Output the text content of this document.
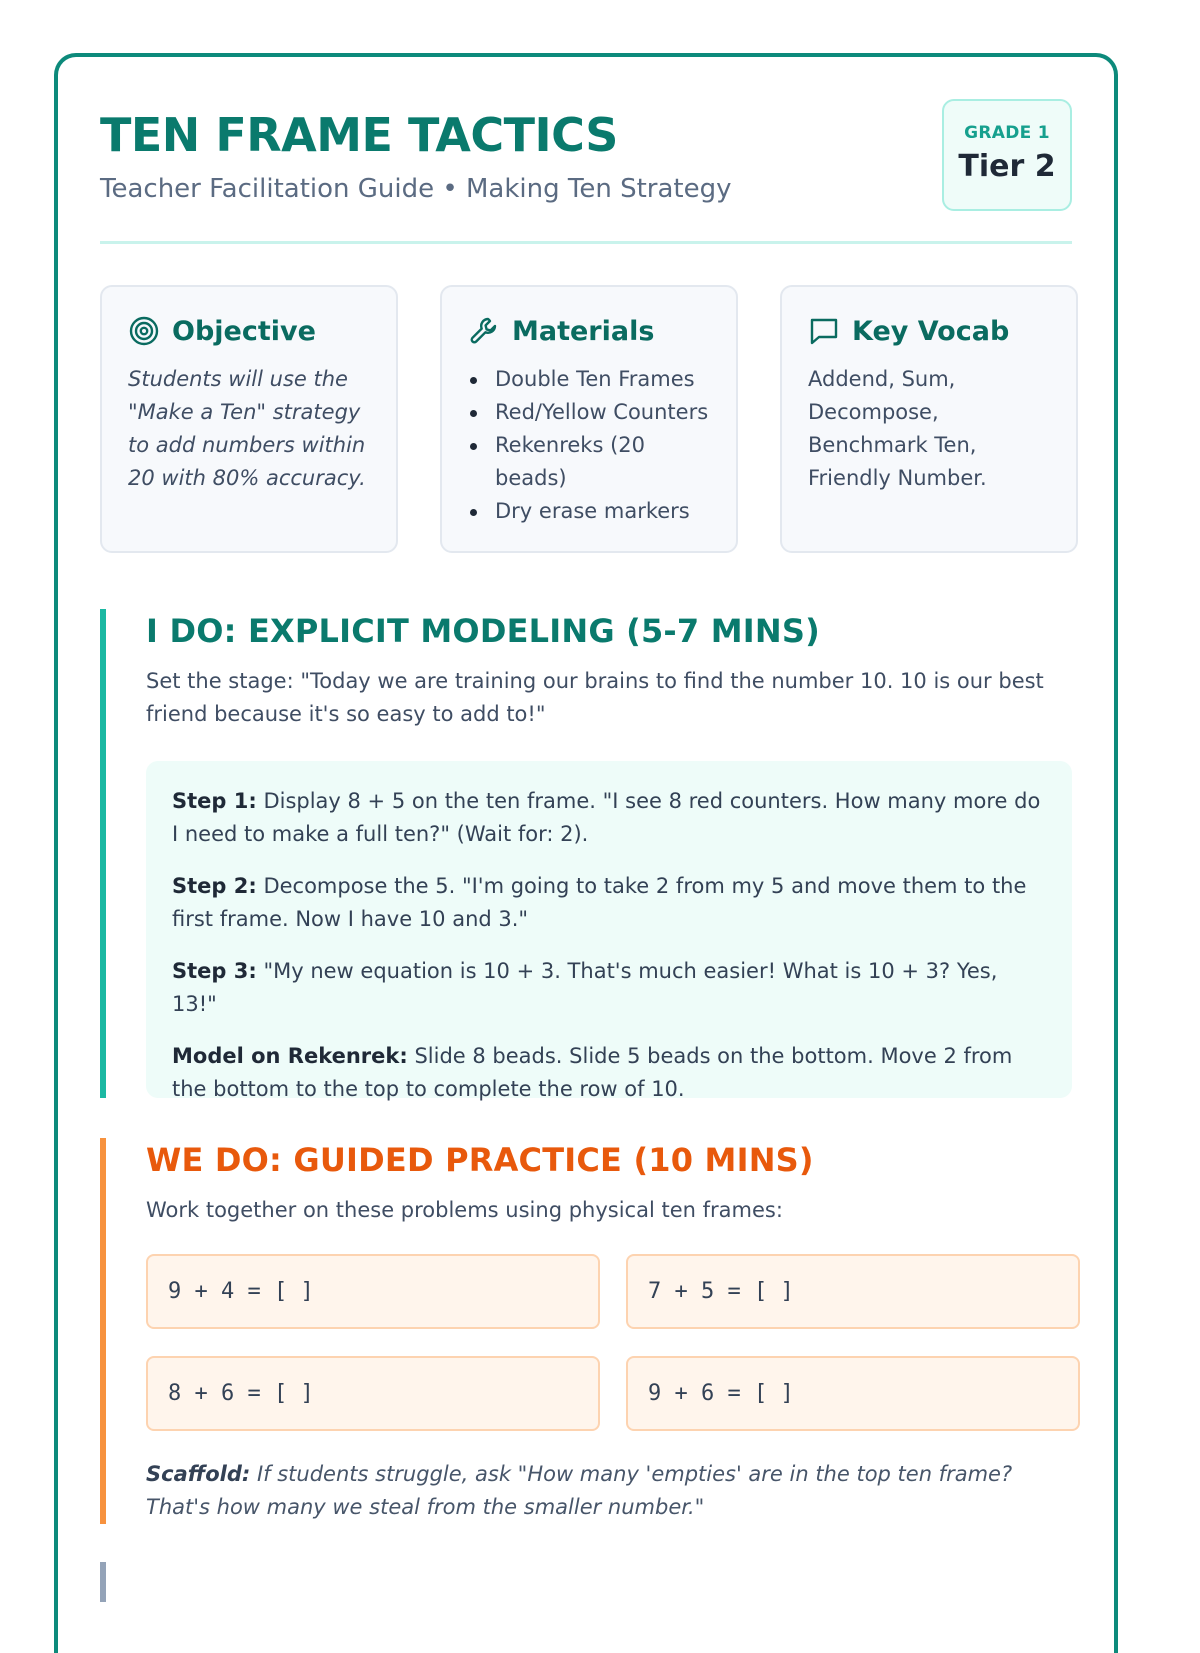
TEN FRAME TACTICS
Teacher Facilitation Guide • Making Ten Strategy
GRADE 1
Tier 2
Objective
Students will use the "Make a Ten" strategy to add numbers within 20 with 80% accuracy.
Materials
Double Ten Frames
Red/Yellow Counters
Rekenreks (20 beads)
Dry erase markers
Key Vocab
Addend, Sum, Decompose, Benchmark Ten, Friendly Number.
I DO: EXPLICIT MODELING (5-7 MINS)
Set the stage: "Today we are training our brains to find the number 10. 10 is our best friend because it's so easy to add to!"

Step 1: Display 8 + 5 on the ten frame. "I see 8 red counters. How many more do I need to make a full ten?" (Wait for: 2).

Step 2: Decompose the 5. "I'm going to take 2 from my 5 and move them to the first frame. Now I have 10 and 3."

Step 3: "My new equation is 10 + 3. That's much easier! What is 10 + 3? Yes, 13!"

Model on Rekenrek: Slide 8 beads. Slide 5 beads on the bottom. Move 2 from the bottom to the top to complete the row of 10.

WE DO: GUIDED PRACTICE (10 MINS)
Work together on these problems using physical ten frames:
9 + 4 = [ ]	7 + 5 = [ ]
8 + 6 = [ ]	9 + 6 = [ ]
Scaffold: If students struggle, ask "How many 'empties' are in the top ten frame? That's how many we steal from the smaller number."
